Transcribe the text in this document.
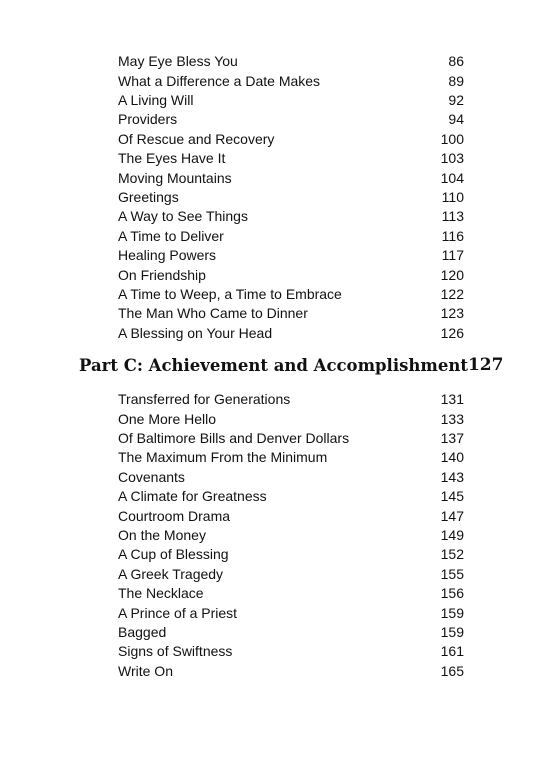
May Eye Bless You	86
What a Difference a Date Makes	89
A Living Will	92
Providers	94
Of Rescue and Recovery	100
The Eyes Have It	103
Moving Mountains	104
Greetings	110
A Way to See Things	113
A Time to Deliver	116
Healing Powers	117
On Friendship	120
A Time to Weep, a Time to Embrace	122
The Man Who Came to Dinner	123
A Blessing on Your Head	126
Part C: Achievement and Accomplishment 127
Transferred for Generations	131
One More Hello	133
Of Baltimore Bills and Denver Dollars	137
The Maximum From the Minimum	140
Covenants	143
A Climate for Greatness	145
Courtroom Drama	147
On the Money	149
A Cup of Blessing	152
A Greek Tragedy	155
The Necklace	156
A Prince of a Priest	159
Bagged	159
Signs of Swiftness	161
Write On	165
